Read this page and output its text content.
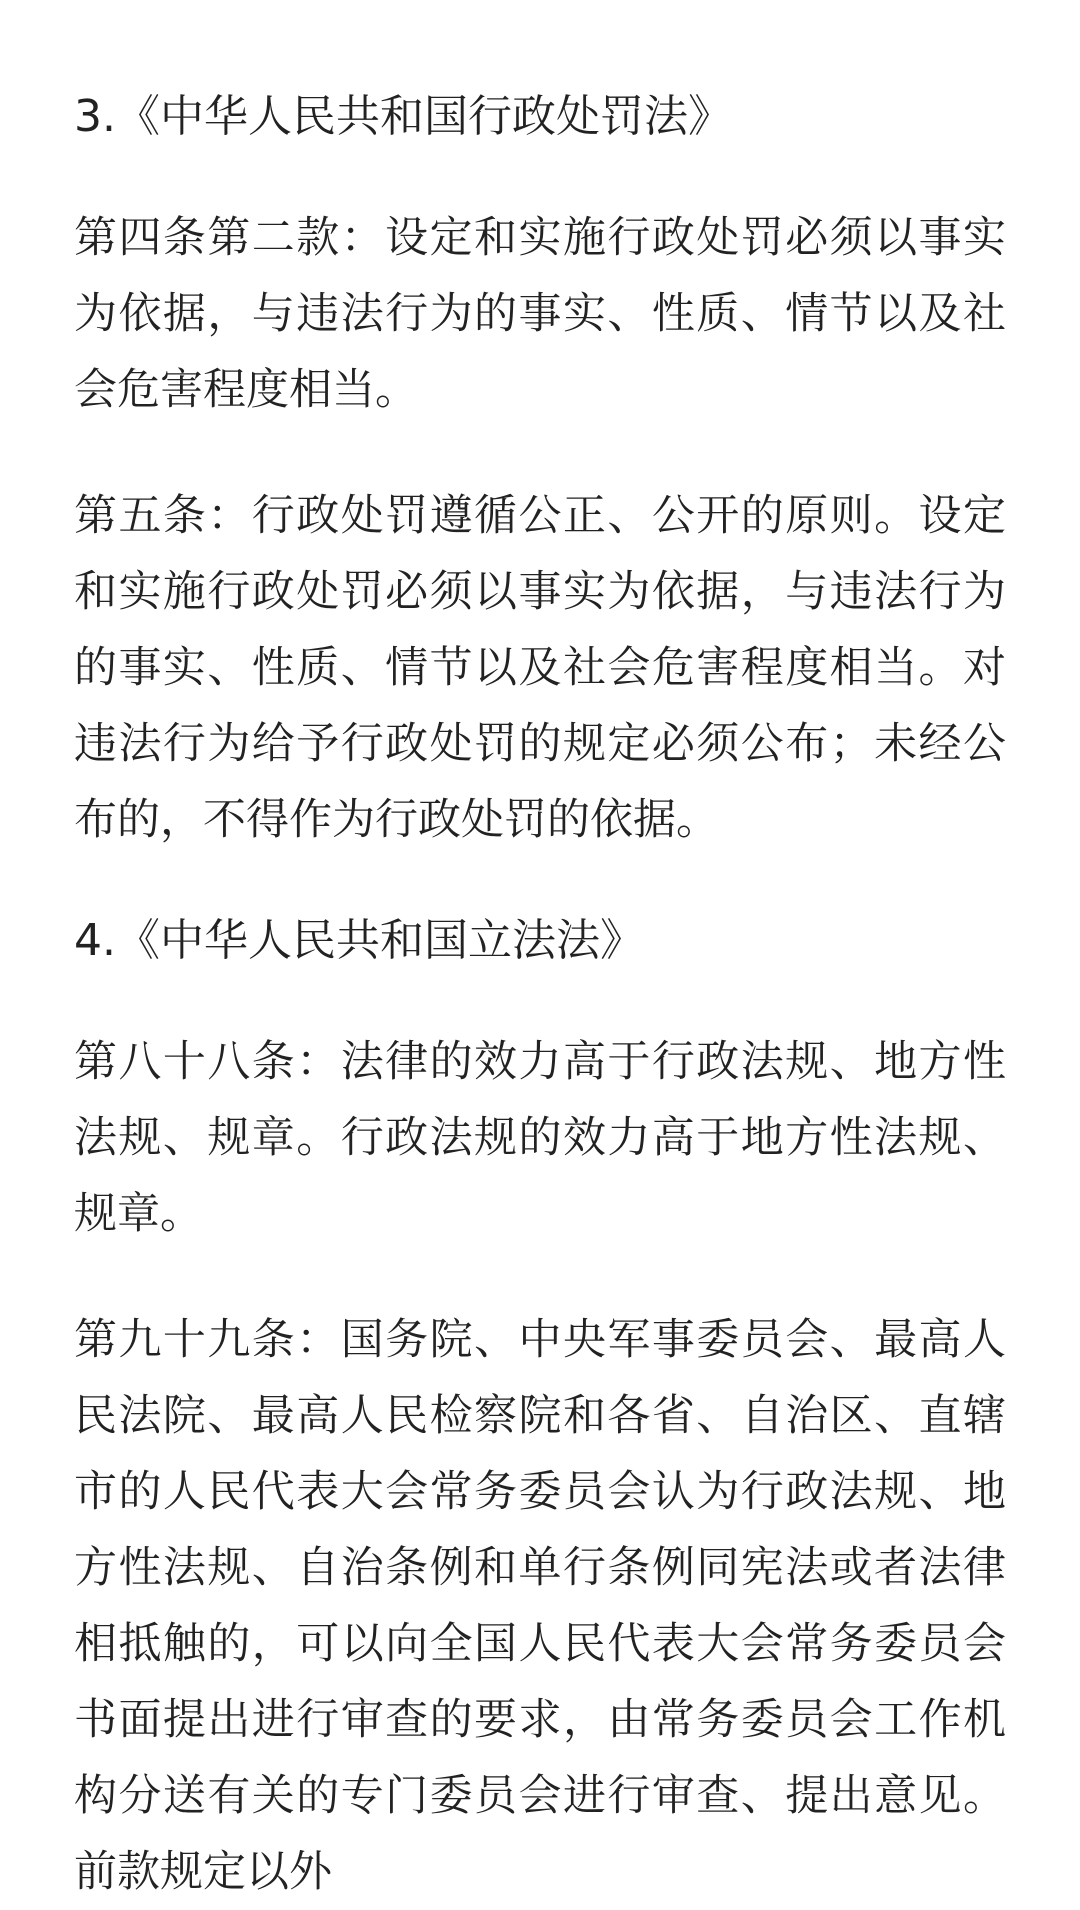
3.《中华人民共和国行政处罚法》

第四条第二款：设定和实施行政处罚必须以事实为依据，与违法行为的事实、性质、情节以及社会危害程度相当。

第五条：行政处罚遵循公正、公开的原则。设定和实施行政处罚必须以事实为依据，与违法行为的事实、性质、情节以及社会危害程度相当。对违法行为给予行政处罚的规定必须公布；未经公布的，不得作为行政处罚的依据。

4.《中华人民共和国立法法》

第八十八条：法律的效力高于行政法规、地方性法规、规章。行政法规的效力高于地方性法规、规章。

第九十九条：国务院、中央军事委员会、最高人民法院、最高人民检察院和各省、自治区、直辖市的人民代表大会常务委员会认为行政法规、地方性法规、自治条例和单行条例同宪法或者法律相抵触的，可以向全国人民代表大会常务委员会书面提出进行审查的要求，由常务委员会工作机构分送有关的专门委员会进行审查、提出意见。前款规定以外
